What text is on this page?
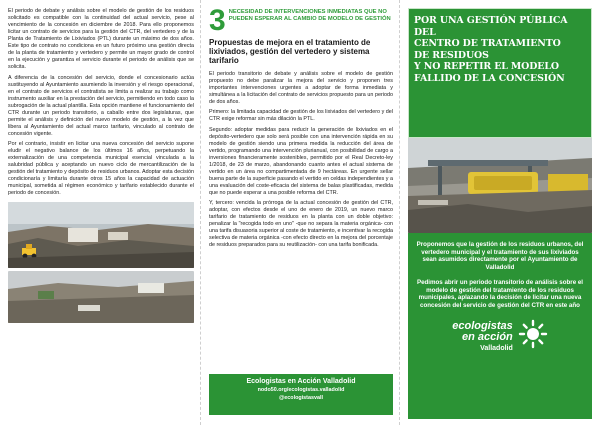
El periodo de debate y análisis sobre el modelo de gestión de los residuos solicitado es compatible con la continuidad del actual servicio, pese al vencimiento de la concesión en diciembre de 2018. Para ello proponemos licitar un contrato de servicios para la gestión del CTR, del vertedero y de la Planta de Tratamiento de Lixiviados (PTL) durante un máximo de dos años. Este tipo de contrato no condiciona en un futuro próximo una gestión directa de la planta de tratamiento y vertedero y permite un mayor grado de control en la ejecución y garantiza el servicio durante el periodo de análisis que se solicita.

A diferencia de la concesión del servicio, donde el concesionario actúa sustituyendo al Ayuntamiento asumiendo la inversión y el riesgo operacional, en el contrato de servicios el contratista se limita a realizar su trabajo como instrumento auxiliar en la prestación del servicio, permitiendo en todo caso la subrogación de la actual plantilla. Esta opción mantiene el funcionamiento del CTR durante un periodo transitorio, a caballo entre dos legislaturas, que permite el análisis y definición del nuevo modelo de gestión, a la vez que libera al Ayuntamiento del actual marco tarifario, vinculado al contrato de concesión vigente.

Por el contrario, insistir en licitar una nueva concesión del servicio supone eludir el negativo balance de los últimos 16 años, perpetuando la externalización de una competencia municipal esencial vinculada a la salubridad pública y aceptando un nuevo ciclo de mercantilización de la gestión del tratamiento y depósito de residuos urbanos. Adoptar esta decisión condicionaría y limitaría durante otros 15 años la capacidad de actuación municipal, sometida al régimen económico y tarifario establecido durante el periodo de concesión.

3 NECESIDAD DE INTERVENCIONES INMEDIATAS QUE NO PUEDEN ESPERAR AL CAMBIO DE MODELO DE GESTIÓN
Propuestas de mejora en el tratamiento de lixiviados, gestión del vertedero y sistema tarifario

El periodo transitorio de debate y análisis sobre el modelo de gestión propuesto no debe paralizar la mejora del servicio y proponen tres importantes intervenciones urgentes a adoptar de forma inmediata y simultánea a la licitación del contrato de servicios propuesto para un periodo de dos años.

Primero: la limitada capacidad de gestión de los lixiviados del vertedero y del CTR exige reformar sin más dilación la PTL.

Segundo: adoptar medidas para reducir la generación de lixiviados en el depósito-vertedero que solo será posible con una intervención rápida en su modelo de gestión siendo una primera medida la reducción del área de vertido, programando una intervención plurianual, con posibilidad de cargo a inversiones financieramente sostenibles, permitido por el Real Decreto-ley 1/2018, de 23 de marzo, abandonando cuanto antes el actual sistema de vertido en un área no compartimentada de 9 hectáreas. En urgente sellar buena parte de la superficie pasando el vertido en celdas independientes y a una evaluación del coste-eficacia del sistema de balas plastificadas, medida que no puede esperar a una posible reforma del CTR.

Y, tercero: vencida la prórroga de la actual concesión de gestión del CTR, adoptar, con efectos desde el uno de enero de 2019, un nuevo marco tarifario de tratamiento de residuos en la planta con un doble objetivo: penalizar la "recogida todo en uno" -que no separa la materia orgánica- con una tarifa disuasoria superior al coste de tratamiento, e incentivar la recogida selectiva de materia orgánica -con efecto directo en la mejora del porcentaje de residuos preparados para su reutilización- con una tarifa bonificada.

Ecologistas en Acción Valladolid
nodo50.org/ecologistas.valladolid
@ecologistasvall
POR UNA GESTIÓN PÚBLICA
DEL
CENTRO DE TRATAMIENTO
DE RESIDUOS
Y NO REPETIR EL MODELO
FALLIDO DE LA CONCESIÓN

Proponemos que la gestión de los residuos urbanos, del vertedero municipal y el tratamiento de sus lixiviados sean asumidos directamente por el Ayuntamiento de Valladolid

Pedimos abrir un periodo transitorio de análisis sobre el modelo de gestión del tratamiento de los residuos municipales, aplazando la decisión de licitar una nueva concesión del servicio de gestión del CTR en este año

ecologistas
en acción
Valladolid
